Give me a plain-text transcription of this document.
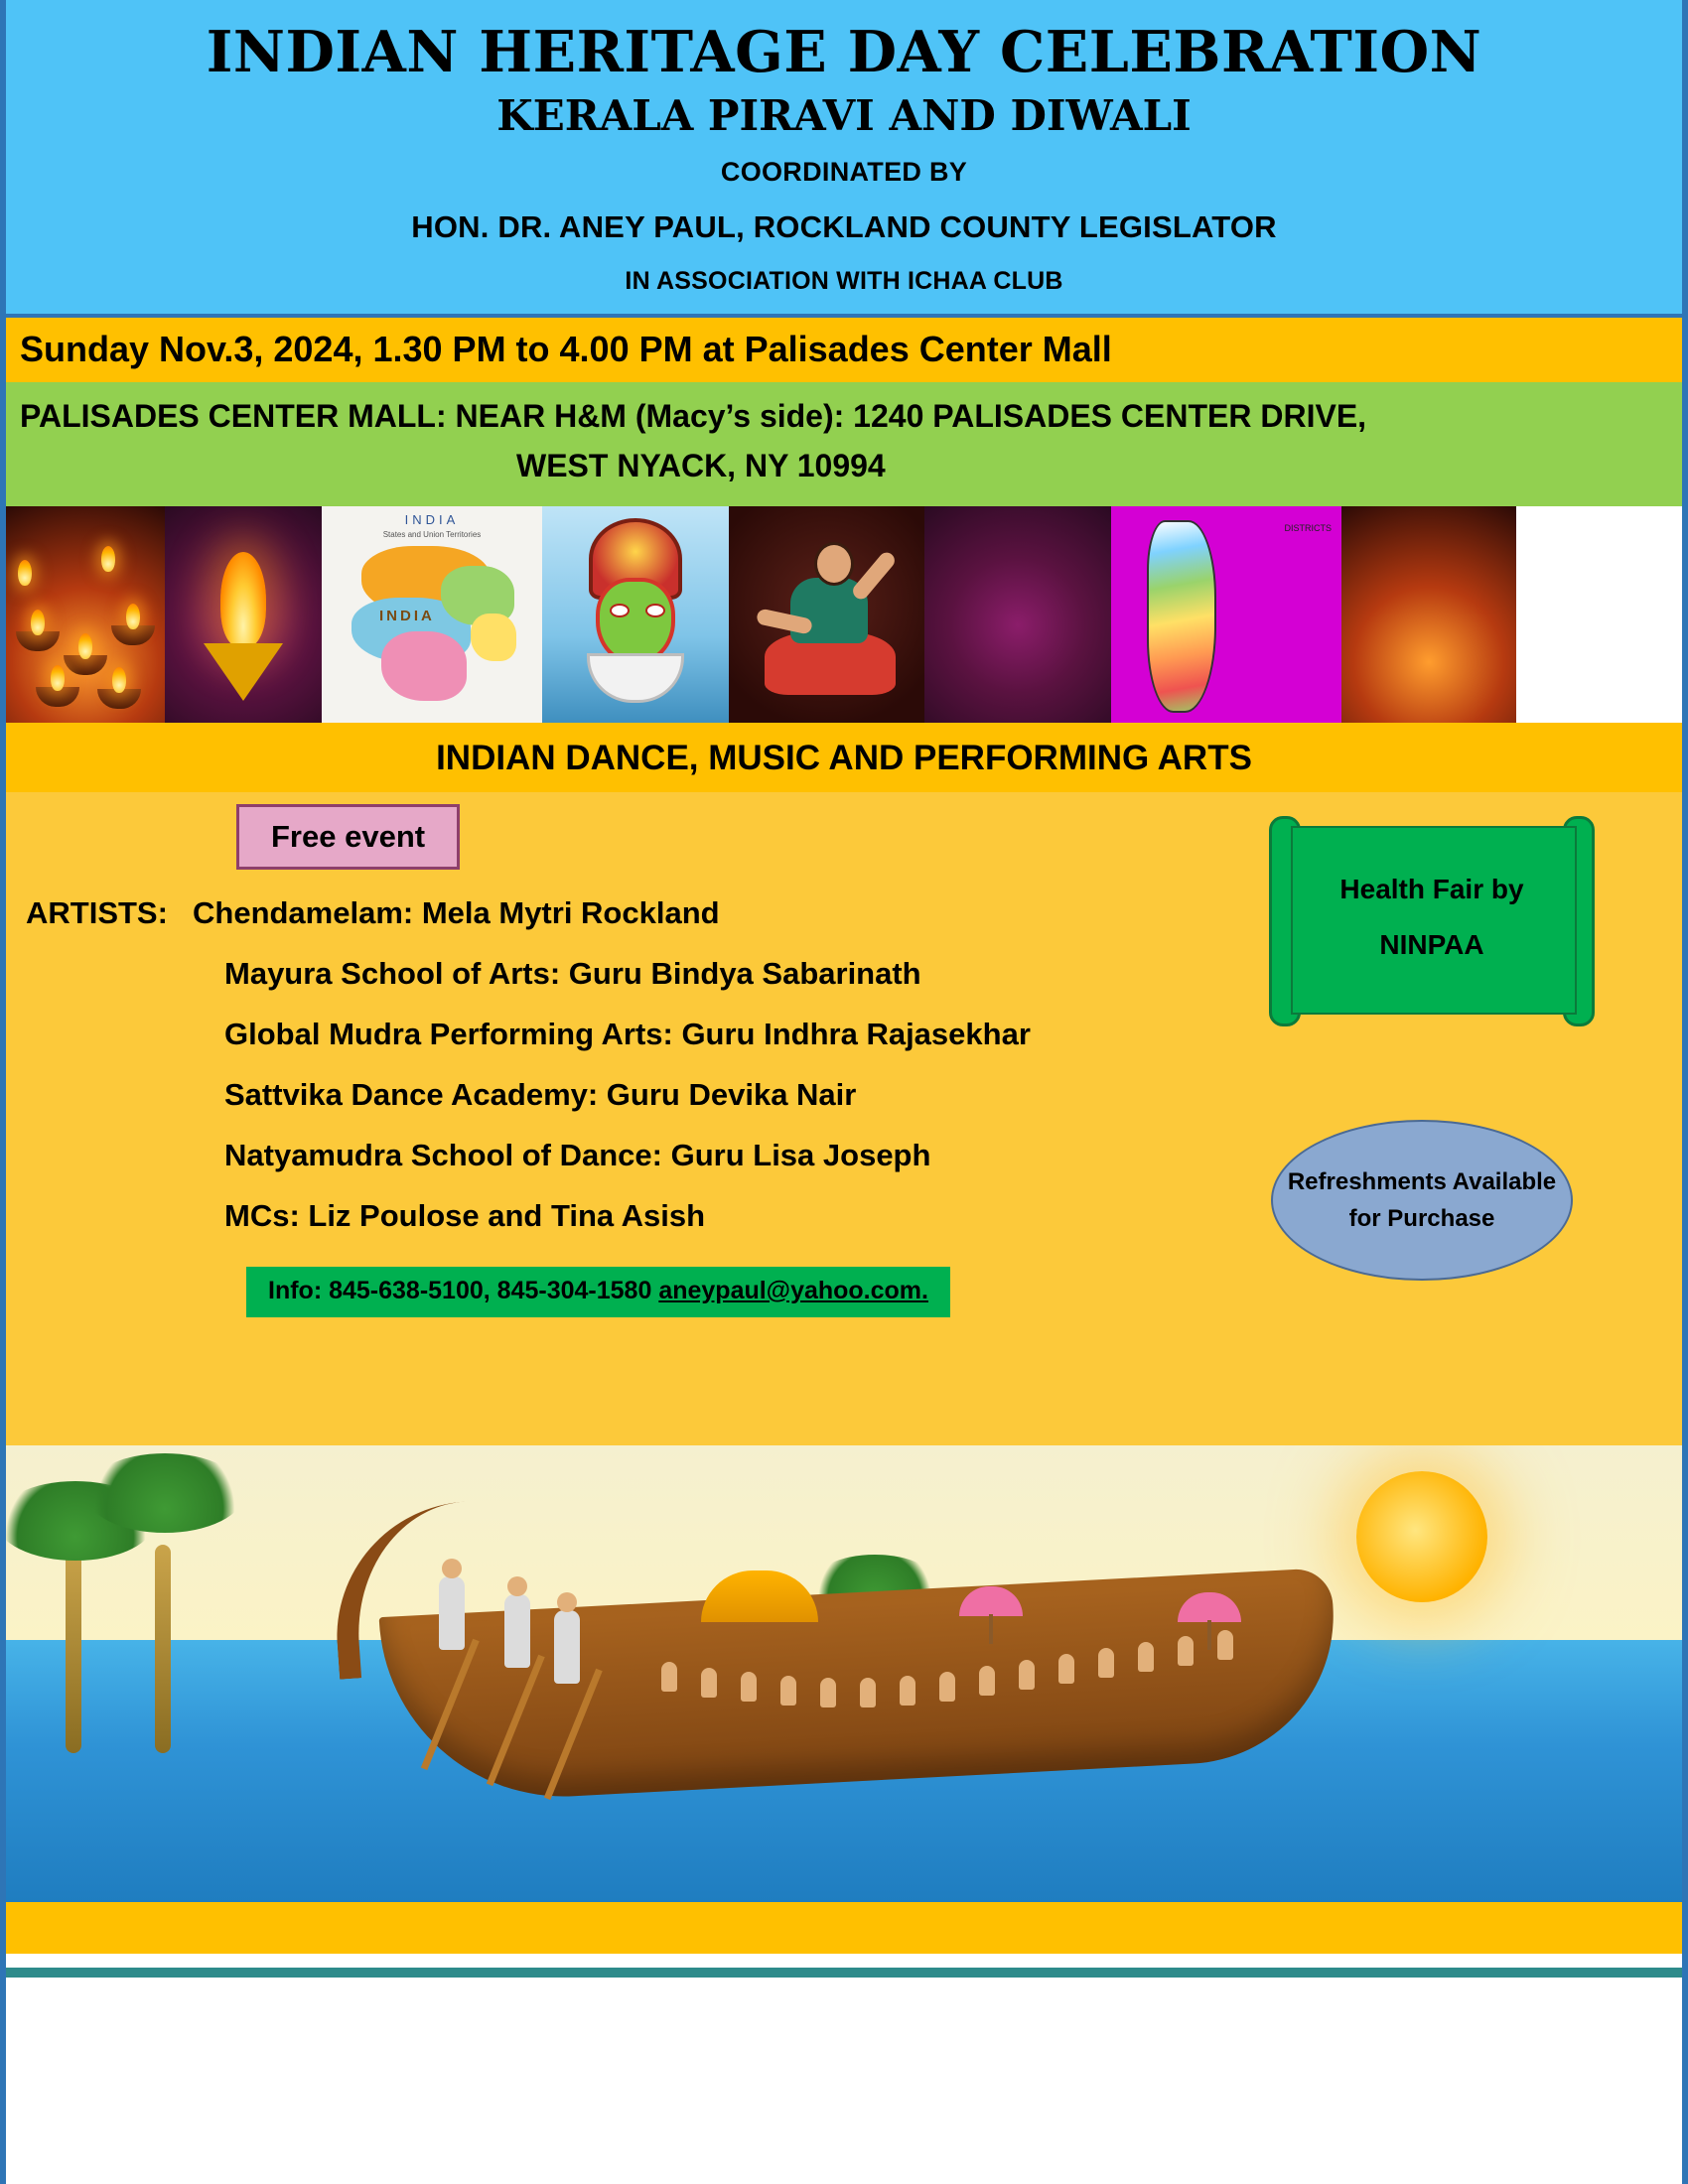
INDIAN HERITAGE DAY CELEBRATION
KERALA PIRAVI AND DIWALI
COORDINATED BY
HON. DR. ANEY PAUL, ROCKLAND COUNTY LEGISLATOR
IN ASSOCIATION WITH ICHAA CLUB
Sunday Nov.3, 2024, 1.30 PM to 4.00 PM at Palisades Center Mall
PALISADES CENTER MALL: NEAR H&M (Macy’s side): 1240 PALISADES CENTER DRIVE,
WEST NYACK, NY 10994
INDIA
States and Union Territories
INDIA
DISTRICTS
INDIAN DANCE, MUSIC AND PERFORMING ARTS
Free event
Health Fair by
NINPAA
Refreshments Available for Purchase
ARTISTS: Chendamelam: Mela Mytri Rockland
Mayura School of Arts: Guru Bindya Sabarinath
Global Mudra Performing Arts: Guru Indhra Rajasekhar
Sattvika Dance Academy: Guru Devika Nair
Natyamudra School of Dance: Guru Lisa Joseph
MCs: Liz Poulose and Tina Asish
Info: 845-638-5100, 845-304-1580 aneypaul@yahoo.com.
